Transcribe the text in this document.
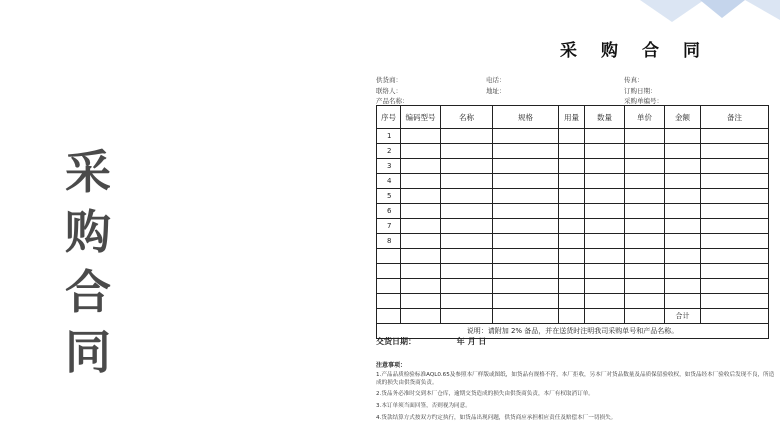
采
购
合
同
采购合同
供货商：	电话：	传真：
联络人：	地址：	订购日期：
产品名称：	采购单编号：
序号	编码型号	名称	规格	用量	数量	单价	金额	备注
1								
2								
3								
4								
5								
6								
7								
8								

							合计	
说明：请附加 2% 备品，并在送货时注明我司采购单号和产品名称。								
交货日期：	年 月 日
注意事项：
1.产品品质检验标准AQL0.65及参照本厂样版或图纸，如货品有规格不符，本厂拒收，另本厂对货品数量及品质保留验收权，如货品经本厂验收后发现不良，所造成的损失由供货商负责。
2.货品务必准时交到本厂仓库，逾期交货造成的损失由供货商负责，本厂有权取消订单。
3.本订单须当面回签，否则视为同意。
4.货款结算方式按双方约定执行，如货品出现问题，供货商应承担相应责任及赔偿本厂一切损失。
